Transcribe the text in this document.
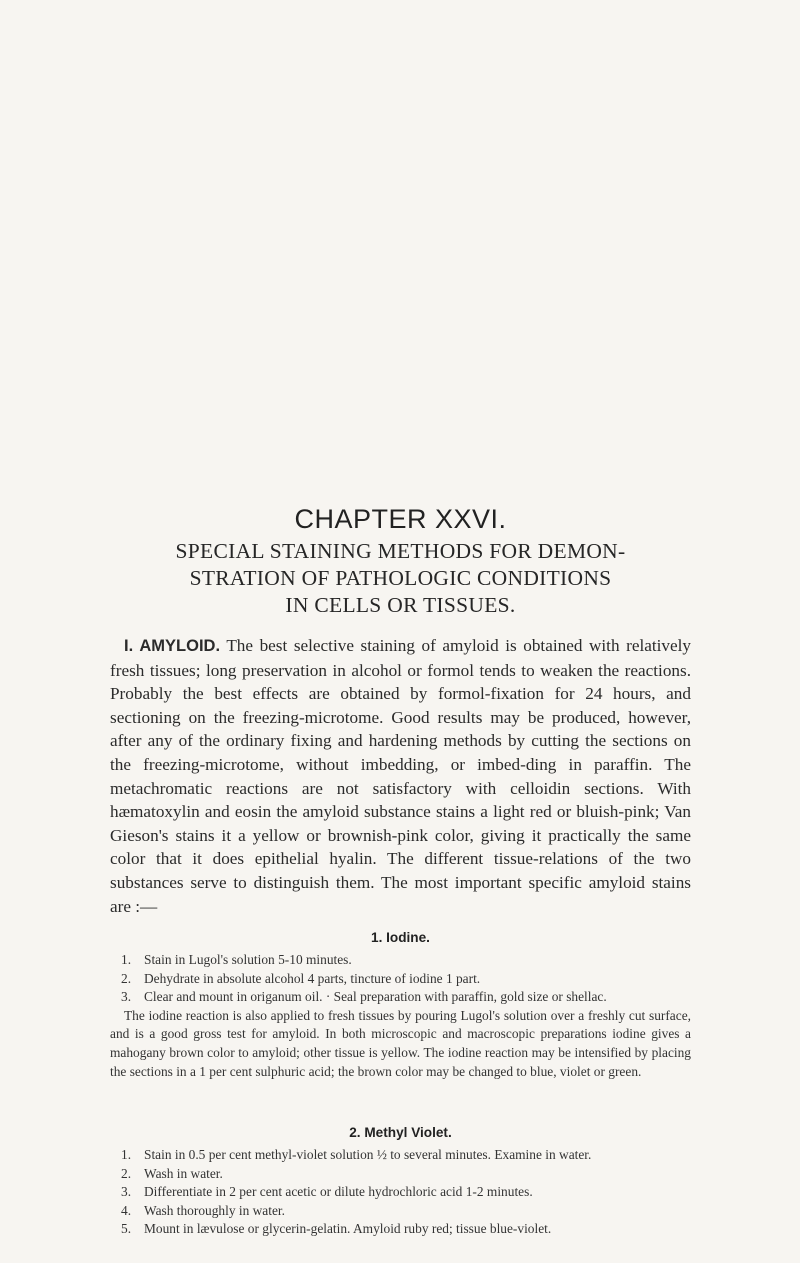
CHAPTER XXVI.
SPECIAL STAINING METHODS FOR DEMON-
STRATION OF PATHOLOGIC CONDITIONS
IN CELLS OR TISSUES.

I. AMYLOID. The best selective staining of amyloid is obtained with relatively fresh tissues; long preservation in alcohol or formol tends to weaken the reactions. Probably the best effects are obtained by formol-fixation for 24 hours, and sectioning on the freezing-microtome. Good results may be produced, however, after any of the ordinary fixing and hardening methods by cutting the sections on the freezing-microtome, without imbedding, or imbed-ding in paraffin. The metachromatic reactions are not satisfactory with celloidin sections. With hæmatoxylin and eosin the amyloid substance stains a light red or bluish-pink; Van Gieson's stains it a yellow or brownish-pink color, giving it practically the same color that it does epithelial hyalin. The different tissue-relations of the two substances serve to distinguish them. The most important specific amyloid stains are :—

1. Iodine.
1. Stain in Lugol's solution 5-10 minutes.
2. Dehydrate in absolute alcohol 4 parts, tincture of iodine 1 part.
3. Clear and mount in origanum oil. · Seal preparation with paraffin, gold size or shellac.

The iodine reaction is also applied to fresh tissues by pouring Lugol's solution over a freshly cut surface, and is a good gross test for amyloid. In both microscopic and macroscopic preparations iodine gives a mahogany brown color to amyloid; other tissue is yellow. The iodine reaction may be intensified by placing the sections in a 1 per cent sulphuric acid; the brown color may be changed to blue, violet or green.

2. Methyl Violet.
1. Stain in 0.5 per cent methyl-violet solution ½ to several minutes. Examine in water.
2. Wash in water.
3. Differentiate in 2 per cent acetic or dilute hydrochloric acid 1-2 minutes.
4. Wash thoroughly in water.
5. Mount in lævulose or glycerin-gelatin. Amyloid ruby red; tissue blue-violet.
